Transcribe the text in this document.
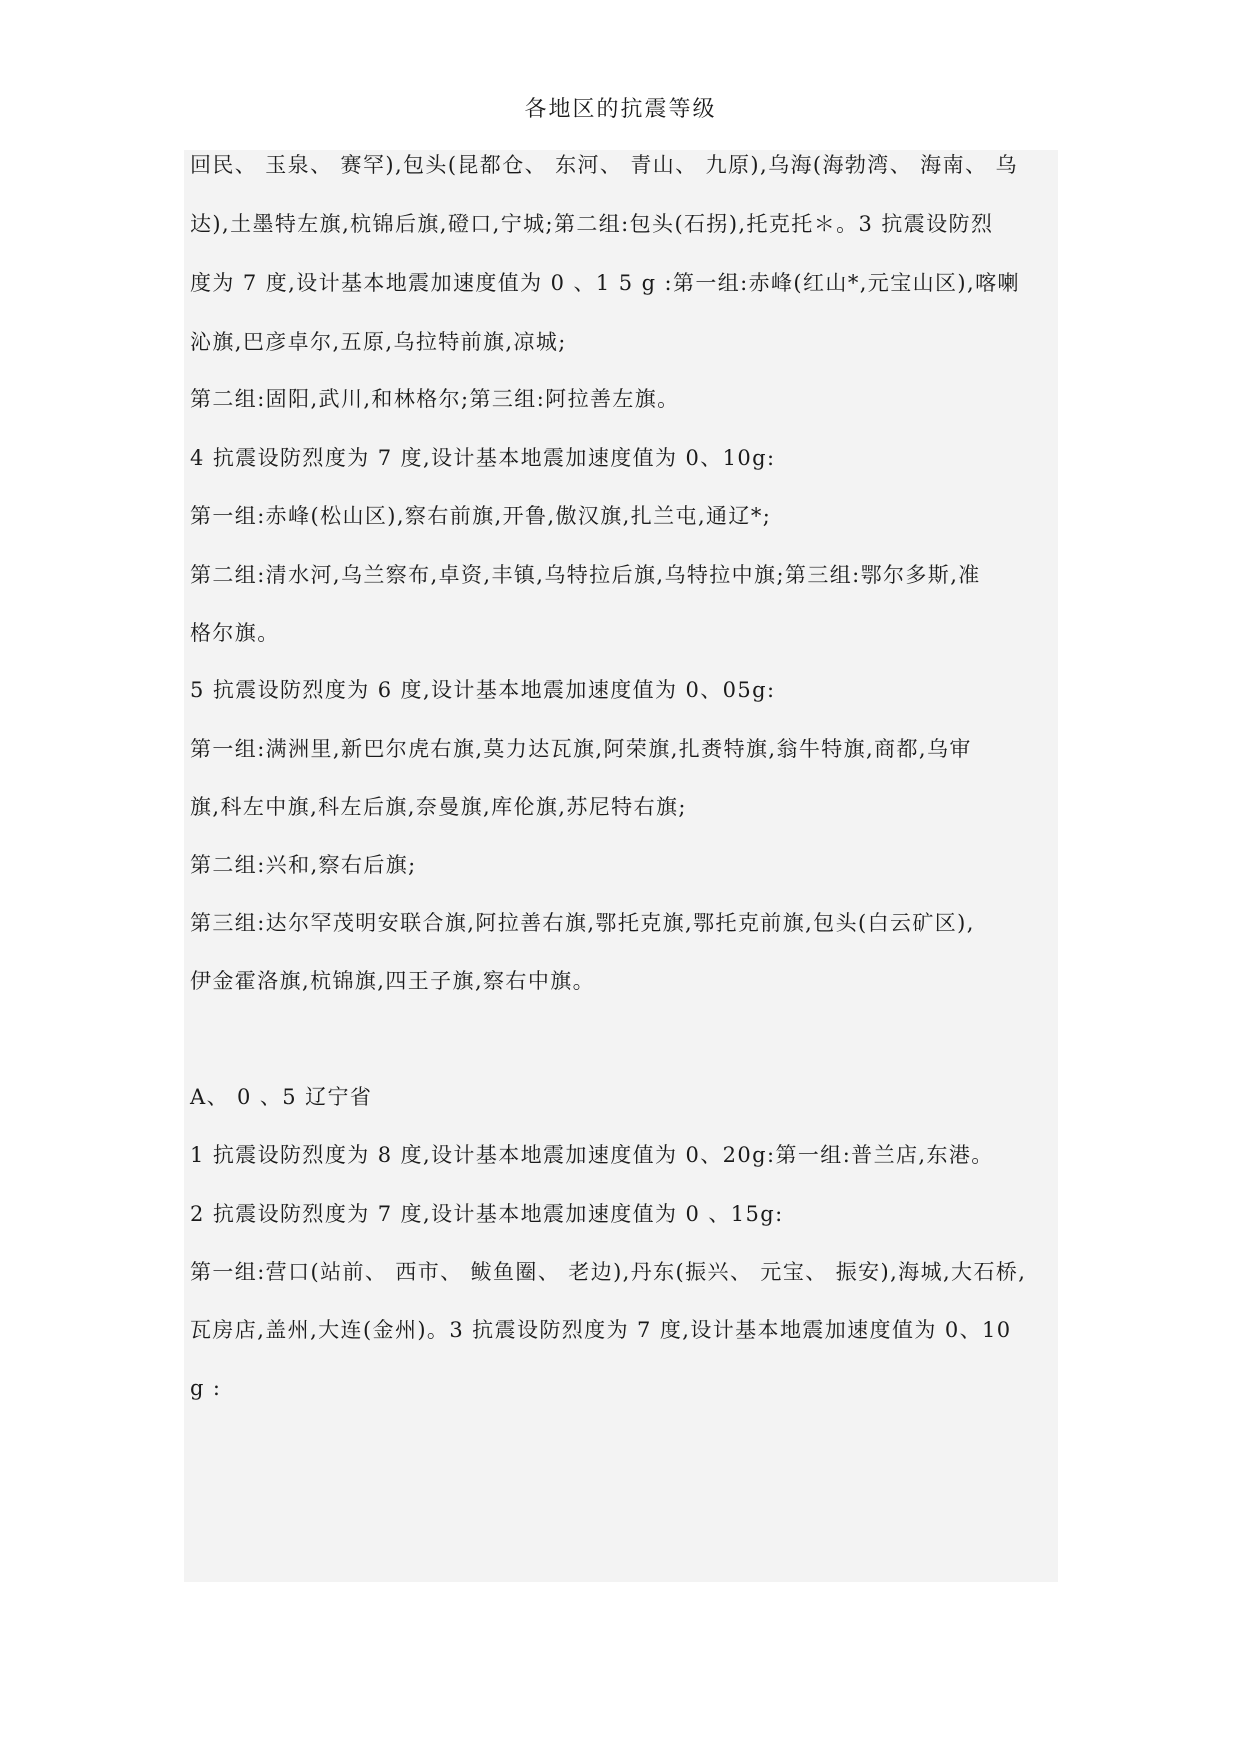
各地区的抗震等级
回民、 玉泉、 赛罕),包头(昆都仓、 东河、 青山、 九原),乌海(海勃湾、 海南、 乌
达),土墨特左旗,杭锦后旗,磴口,宁城;第二组:包头(石拐),托克托＊。3 抗震设防烈
度为 7 度,设计基本地震加速度值为 0 、1 5 g :第一组:赤峰(红山*,元宝山区),喀喇
沁旗,巴彦卓尔,五原,乌拉特前旗,凉城;
第二组:固阳,武川,和林格尔;第三组:阿拉善左旗。
4 抗震设防烈度为 7 度,设计基本地震加速度值为 0、10g:
第一组:赤峰(松山区),察右前旗,开鲁,傲汉旗,扎兰屯,通辽*;
第二组:清水河,乌兰察布,卓资,丰镇,乌特拉后旗,乌特拉中旗;第三组:鄂尔多斯,准
格尔旗。
5 抗震设防烈度为 6 度,设计基本地震加速度值为 0、05g:
第一组:满洲里,新巴尔虎右旗,莫力达瓦旗,阿荣旗,扎赉特旗,翁牛特旗,商都,乌审
旗,科左中旗,科左后旗,奈曼旗,库伦旗,苏尼特右旗;
第二组:兴和,察右后旗;
第三组:达尔罕茂明安联合旗,阿拉善右旗,鄂托克旗,鄂托克前旗,包头(白云矿区),
伊金霍洛旗,杭锦旗,四王子旗,察右中旗。
A、 0 、5 辽宁省
1 抗震设防烈度为 8 度,设计基本地震加速度值为 0、20g:第一组:普兰店,东港。
2 抗震设防烈度为 7 度,设计基本地震加速度值为 0 、15g:
第一组:营口(站前、 西市、 鲅鱼圈、 老边),丹东(振兴、 元宝、 振安),海城,大石桥,
瓦房店,盖州,大连(金州)。3 抗震设防烈度为 7 度,设计基本地震加速度值为 0、10
g :
